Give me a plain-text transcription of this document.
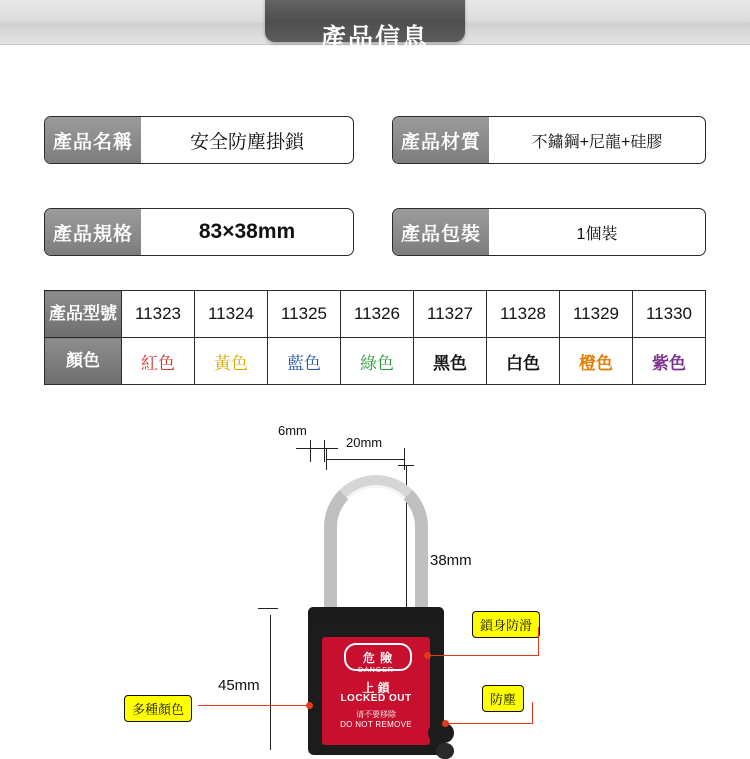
產品信息
產品名稱	安全防塵掛鎖	產品材質	不鏽鋼+尼龍+硅膠
產品規格	83×38mm	產品包裝	1個裝
產品型號	11323	11324	11325	11326	11327	11328	11329	11330
顏色	紅色	黃色	藍色	綠色	黑色	白色	橙色	紫色
6mm
20mm
38mm
45mm
危 險
DANGER
上 鎖
LOCKED OUT
请不要移除
DO NOT REMOVE
多種顏色
鎖身防滑
防塵
